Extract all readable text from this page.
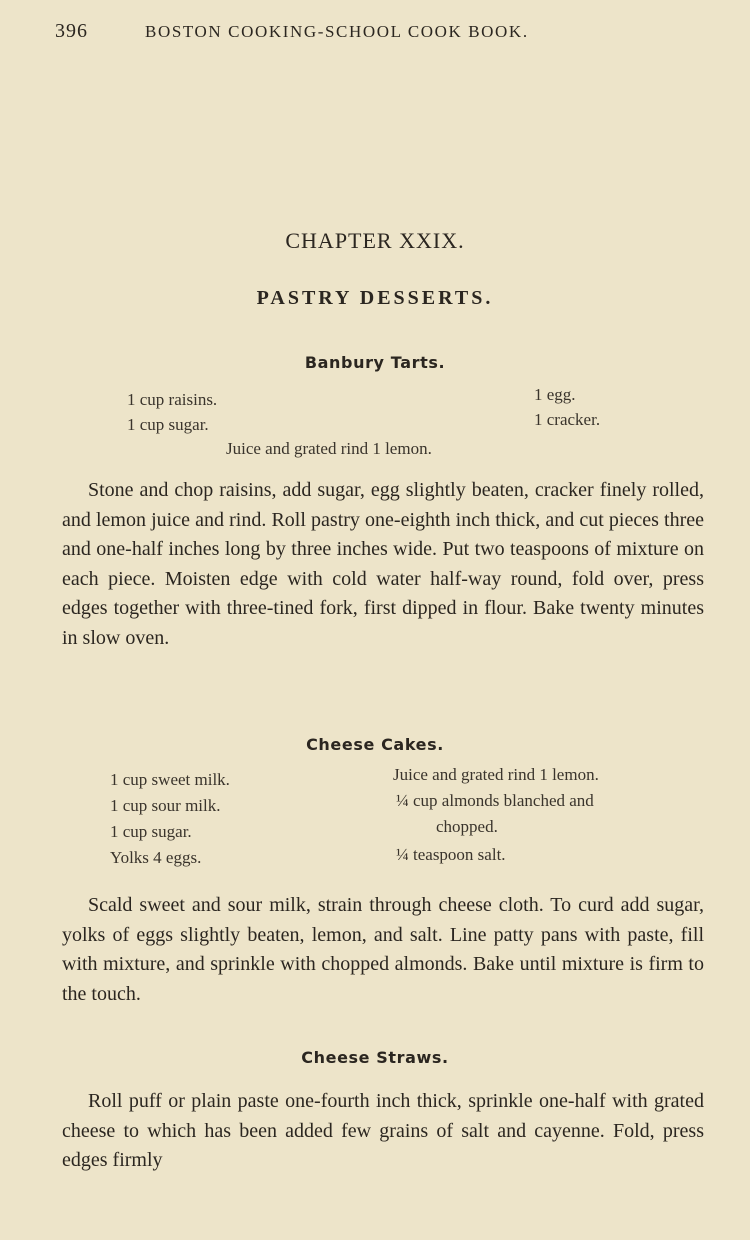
396	BOSTON COOKING-SCHOOL COOK BOOK.
CHAPTER XXIX.
PASTRY DESSERTS.
Banbury Tarts.
1 cup raisins.
1 cup sugar.
1 egg.
1 cracker.
Juice and grated rind 1 lemon.
Stone and chop raisins, add sugar, egg slightly beaten, cracker finely rolled, and lemon juice and rind. Roll pastry one-eighth inch thick, and cut pieces three and one-half inches long by three inches wide. Put two teaspoons of mixture on each piece. Moisten edge with cold water half-way round, fold over, press edges together with three-tined fork, first dipped in flour. Bake twenty minutes in slow oven.
Cheese Cakes.
1 cup sweet milk.
1 cup sour milk.
1 cup sugar.
Yolks 4 eggs.
Juice and grated rind 1 lemon.
¼ cup almonds blanched and
chopped.
¼ teaspoon salt.
Scald sweet and sour milk, strain through cheese cloth. To curd add sugar, yolks of eggs slightly beaten, lemon, and salt. Line patty pans with paste, fill with mixture, and sprinkle with chopped almonds. Bake until mixture is firm to the touch.
Cheese Straws.
Roll puff or plain paste one-fourth inch thick, sprinkle one-half with grated cheese to which has been added few grains of salt and cayenne. Fold, press edges firmly
